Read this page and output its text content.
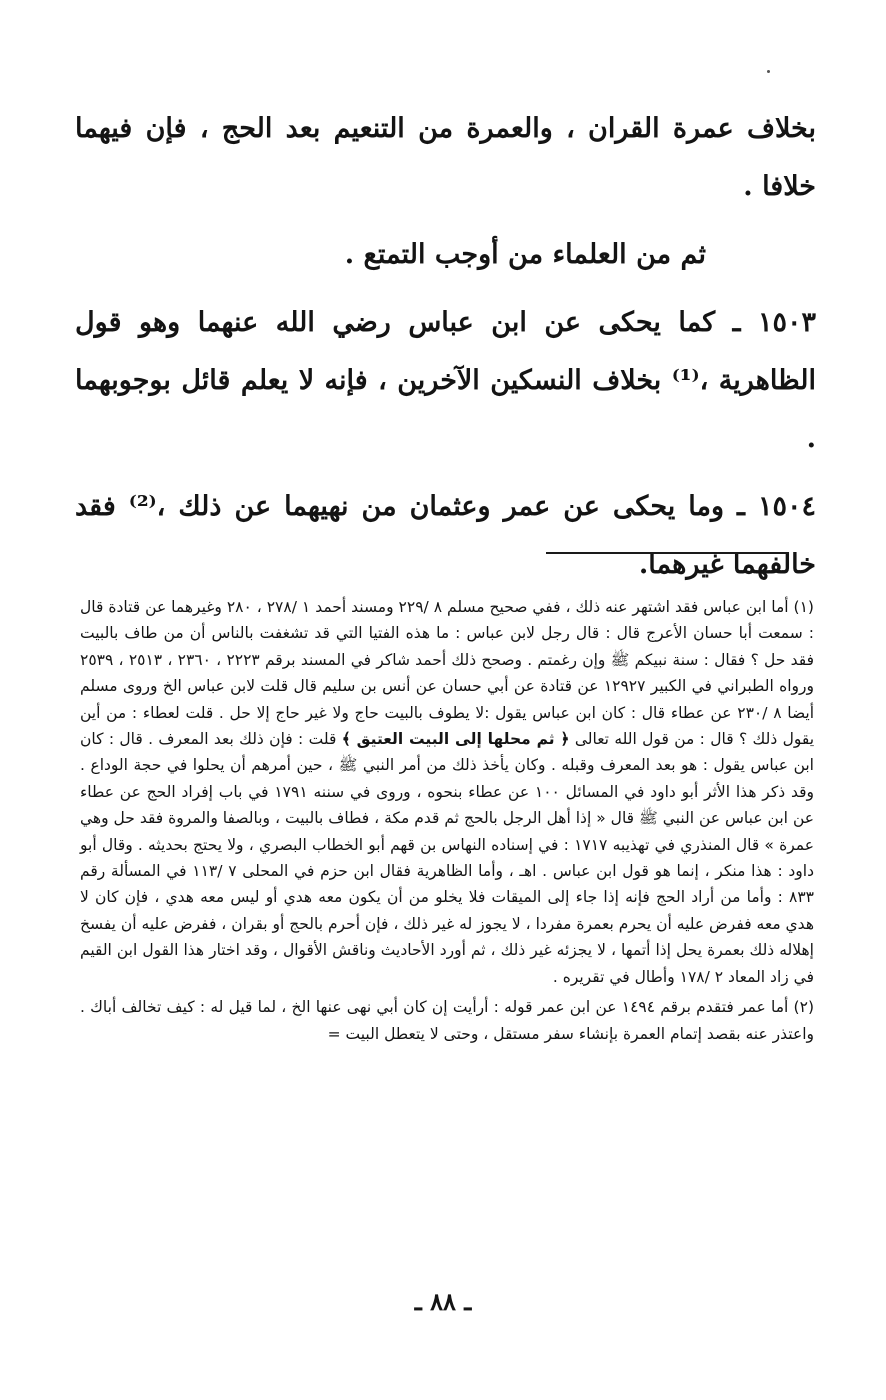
بخلاف عمرة القران ، والعمرة من التنعيم بعد الحج ، فإن فيهما خلافا .

ثم من العلماء من أوجب التمتع .

١٥٠٣ ـ كما يحكى عن ابن عباس رضي الله عنهما وهو قول الظاهرية ،⁽¹⁾ بخلاف النسكين الآخرين ، فإنه لا يعلم قائل بوجوبهما .

١٥٠٤ ـ وما يحكى عن عمر وعثمان من نهيهما عن ذلك ،⁽²⁾ فقد خالفهما غيرهما.

(١) أما ابن عباس فقد اشتهر عنه ذلك ، ففي صحيح مسلم ٨ /٢٢٩ ومسند أحمد ١ /٢٧٨ ، ٢٨٠ وغيرهما عن قتادة قال : سمعت أبا حسان الأعرج قال : قال رجل لابن عباس : ما هذه الفتيا التي قد تشغفت بالناس أن من طاف بالبيت فقد حل ؟ فقال : سنة نبيكم ﷺ وإن رغمتم . وصحح ذلك أحمد شاكر في المسند برقم ٢٢٢٣ ، ٢٣٦٠ ، ٢٥١٣ ، ٢٥٣٩ ورواه الطبراني في الكبير ١٢٩٢٧ عن قتادة عن أبي حسان عن أنس بن سليم قال قلت لابن عباس الخ وروى مسلم أيضا ٨ /٢٣٠ عن عطاء قال : كان ابن عباس يقول :لا يطوف بالبيت حاج ولا غير حاج إلا حل . قلت لعطاء : من أين يقول ذلك ؟ قال : من قول الله تعالى ﴿ ثم محلها إلى البيت العتيق ﴾ قلت : فإن ذلك بعد المعرف . قال : كان ابن عباس يقول : هو بعد المعرف وقبله . وكان يأخذ ذلك من أمر النبي ﷺ ، حين أمرهم أن يحلوا في حجة الوداع . وقد ذكر هذا الأثر أبو داود في المسائل ١٠٠ عن عطاء بنحوه ، وروى في سننه ١٧٩١ في باب إفراد الحج عن عطاء عن ابن عباس عن النبي ﷺ قال « إذا أهل الرجل بالحج ثم قدم مكة ، فطاف بالبيت ، وبالصفا والمروة فقد حل وهي عمرة » قال المنذري في تهذيبه ١٧١٧ : في إسناده النهاس بن قهم أبو الخطاب البصري ، ولا يحتج بحديثه . وقال أبو داود : هذا منكر ، إنما هو قول ابن عباس . اهـ ، وأما الظاهرية فقال ابن حزم في المحلى ٧ /١١٣ في المسألة رقم ٨٣٣ : وأما من أراد الحج فإنه إذا جاء إلى الميقات فلا يخلو من أن يكون معه هدي أو ليس معه هدي ، فإن كان لا هدي معه ففرض عليه أن يحرم بعمرة مفردا ، لا يجوز له غير ذلك ، فإن أحرم بالحج أو بقران ، ففرض عليه أن يفسخ إهلاله ذلك بعمرة يحل إذا أتمها ، لا يجزئه غير ذلك ، ثم أورد الأحاديث وناقش الأقوال ، وقد اختار هذا القول ابن القيم في زاد المعاد ٢ /١٧٨ وأطال في تقريره .

(٢) أما عمر فتقدم برقم ١٤٩٤ عن ابن عمر قوله : أرأيت إن كان أبي نهى عنها الخ ، لما قيل له : كيف تخالف أباك . واعتذر عنه بقصد إتمام العمرة بإنشاء سفر مستقل ، وحتى لا يتعطل البيت =

ـ ٨٨ ـ
